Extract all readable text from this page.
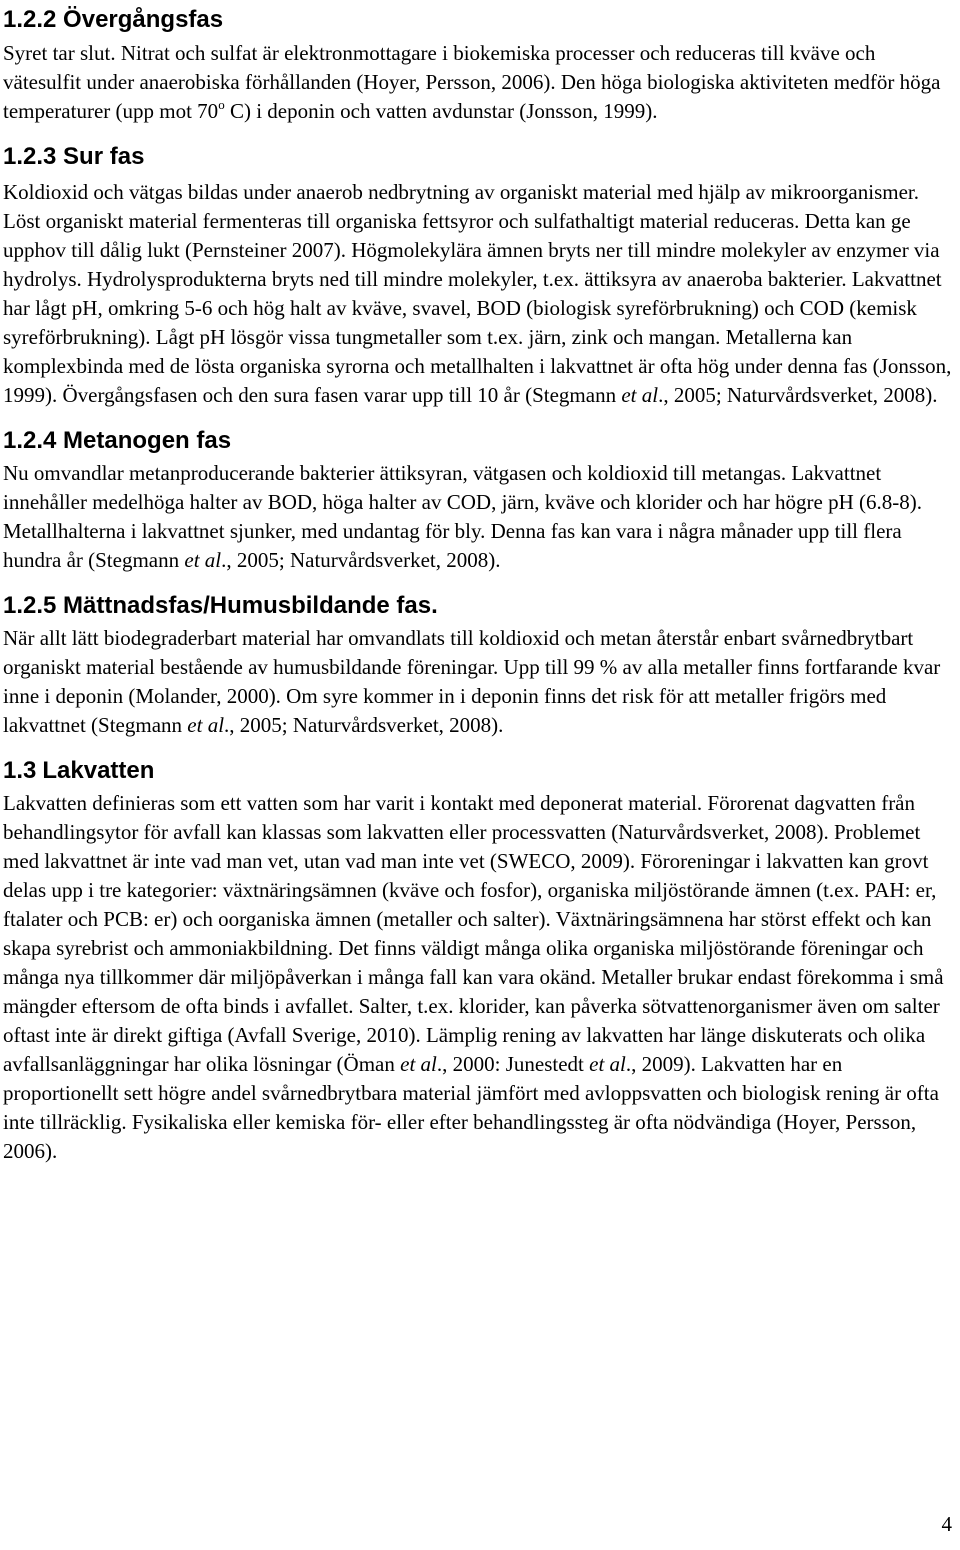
1.2.2 Övergångsfas

Syret tar slut. Nitrat och sulfat är elektronmottagare i biokemiska processer och reduceras till kväve och vätesulfit under anaerobiska förhållanden (Hoyer, Persson, 2006). Den höga biologiska aktiviteten medför höga temperaturer (upp mot 70$^o$ C) i deponin och vatten avdunstar (Jonsson, 1999).

1.2.3 Sur fas

Koldioxid och vätgas bildas under anaerob nedbrytning av organiskt material med hjälp av mikroorganismer. Löst organiskt material fermenteras till organiska fettsyror och sulfathaltigt material reduceras. Detta kan ge upphov till dålig lukt (Pernsteiner 2007). Högmolekylära ämnen bryts ner till mindre molekyler av enzymer via hydrolys. Hydrolysprodukterna bryts ned till mindre molekyler, t.ex. ättiksyra av anaeroba bakterier. Lakvattnet har lågt pH, omkring 5-6 och hög halt av kväve, svavel, BOD (biologisk syreförbrukning) och COD (kemisk syreförbrukning). Lågt pH lösgör vissa tungmetaller som t.ex. järn, zink och mangan. Metallerna kan komplexbinda med de lösta organiska syrorna och metallhalten i lakvattnet är ofta hög under denna fas (Jonsson, 1999). Övergångsfasen och den sura fasen varar upp till 10 år (Stegmann et al., 2005; Naturvårdsverket, 2008).

1.2.4 Metanogen fas

Nu omvandlar metanproducerande bakterier ättiksyran, vätgasen och koldioxid till metangas. Lakvattnet innehåller medelhöga halter av BOD, höga halter av COD, järn, kväve och klorider och har högre pH (6.8-8). Metallhalterna i lakvattnet sjunker, med undantag för bly. Denna fas kan vara i några månader upp till flera hundra år (Stegmann et al., 2005; Naturvårdsverket, 2008).

1.2.5 Mättnadsfas/Humusbildande fas.

När allt lätt biodegraderbart material har omvandlats till koldioxid och metan återstår enbart svårnedbrytbart organiskt material bestående av humusbildande föreningar. Upp till 99 % av alla metaller finns fortfarande kvar inne i deponin (Molander, 2000). Om syre kommer in i deponin finns det risk för att metaller frigörs med lakvattnet (Stegmann et al., 2005; Naturvårdsverket, 2008).

1.3 Lakvatten

Lakvatten definieras som ett vatten som har varit i kontakt med deponerat material. Förorenat dagvatten från behandlingsytor för avfall kan klassas som lakvatten eller processvatten (Naturvårdsverket, 2008). Problemet med lakvattnet är inte vad man vet, utan vad man inte vet (SWECO, 2009). Föroreningar i lakvatten kan grovt delas upp i tre kategorier: växtnäringsämnen (kväve och fosfor), organiska miljöstörande ämnen (t.ex. PAH: er, ftalater och PCB: er) och oorganiska ämnen (metaller och salter). Växtnäringsämnena har störst effekt och kan skapa syrebrist och ammoniakbildning. Det finns väldigt många olika organiska miljöstörande föreningar och många nya tillkommer där miljöpåverkan i många fall kan vara okänd. Metaller brukar endast förekomma i små mängder eftersom de ofta binds i avfallet. Salter, t.ex. klorider, kan påverka sötvattenorganismer även om salter oftast inte är direkt giftiga (Avfall Sverige, 2010). Lämplig rening av lakvatten har länge diskuterats och olika avfallsanläggningar har olika lösningar (Öman et al., 2000: Junestedt et al., 2009). Lakvatten har en proportionellt sett högre andel svårnedbrytbara material jämfört med avloppsvatten och biologisk rening är ofta inte tillräcklig. Fysikaliska eller kemiska för- eller efter behandlingssteg är ofta nödvändiga (Hoyer, Persson, 2006).

4
